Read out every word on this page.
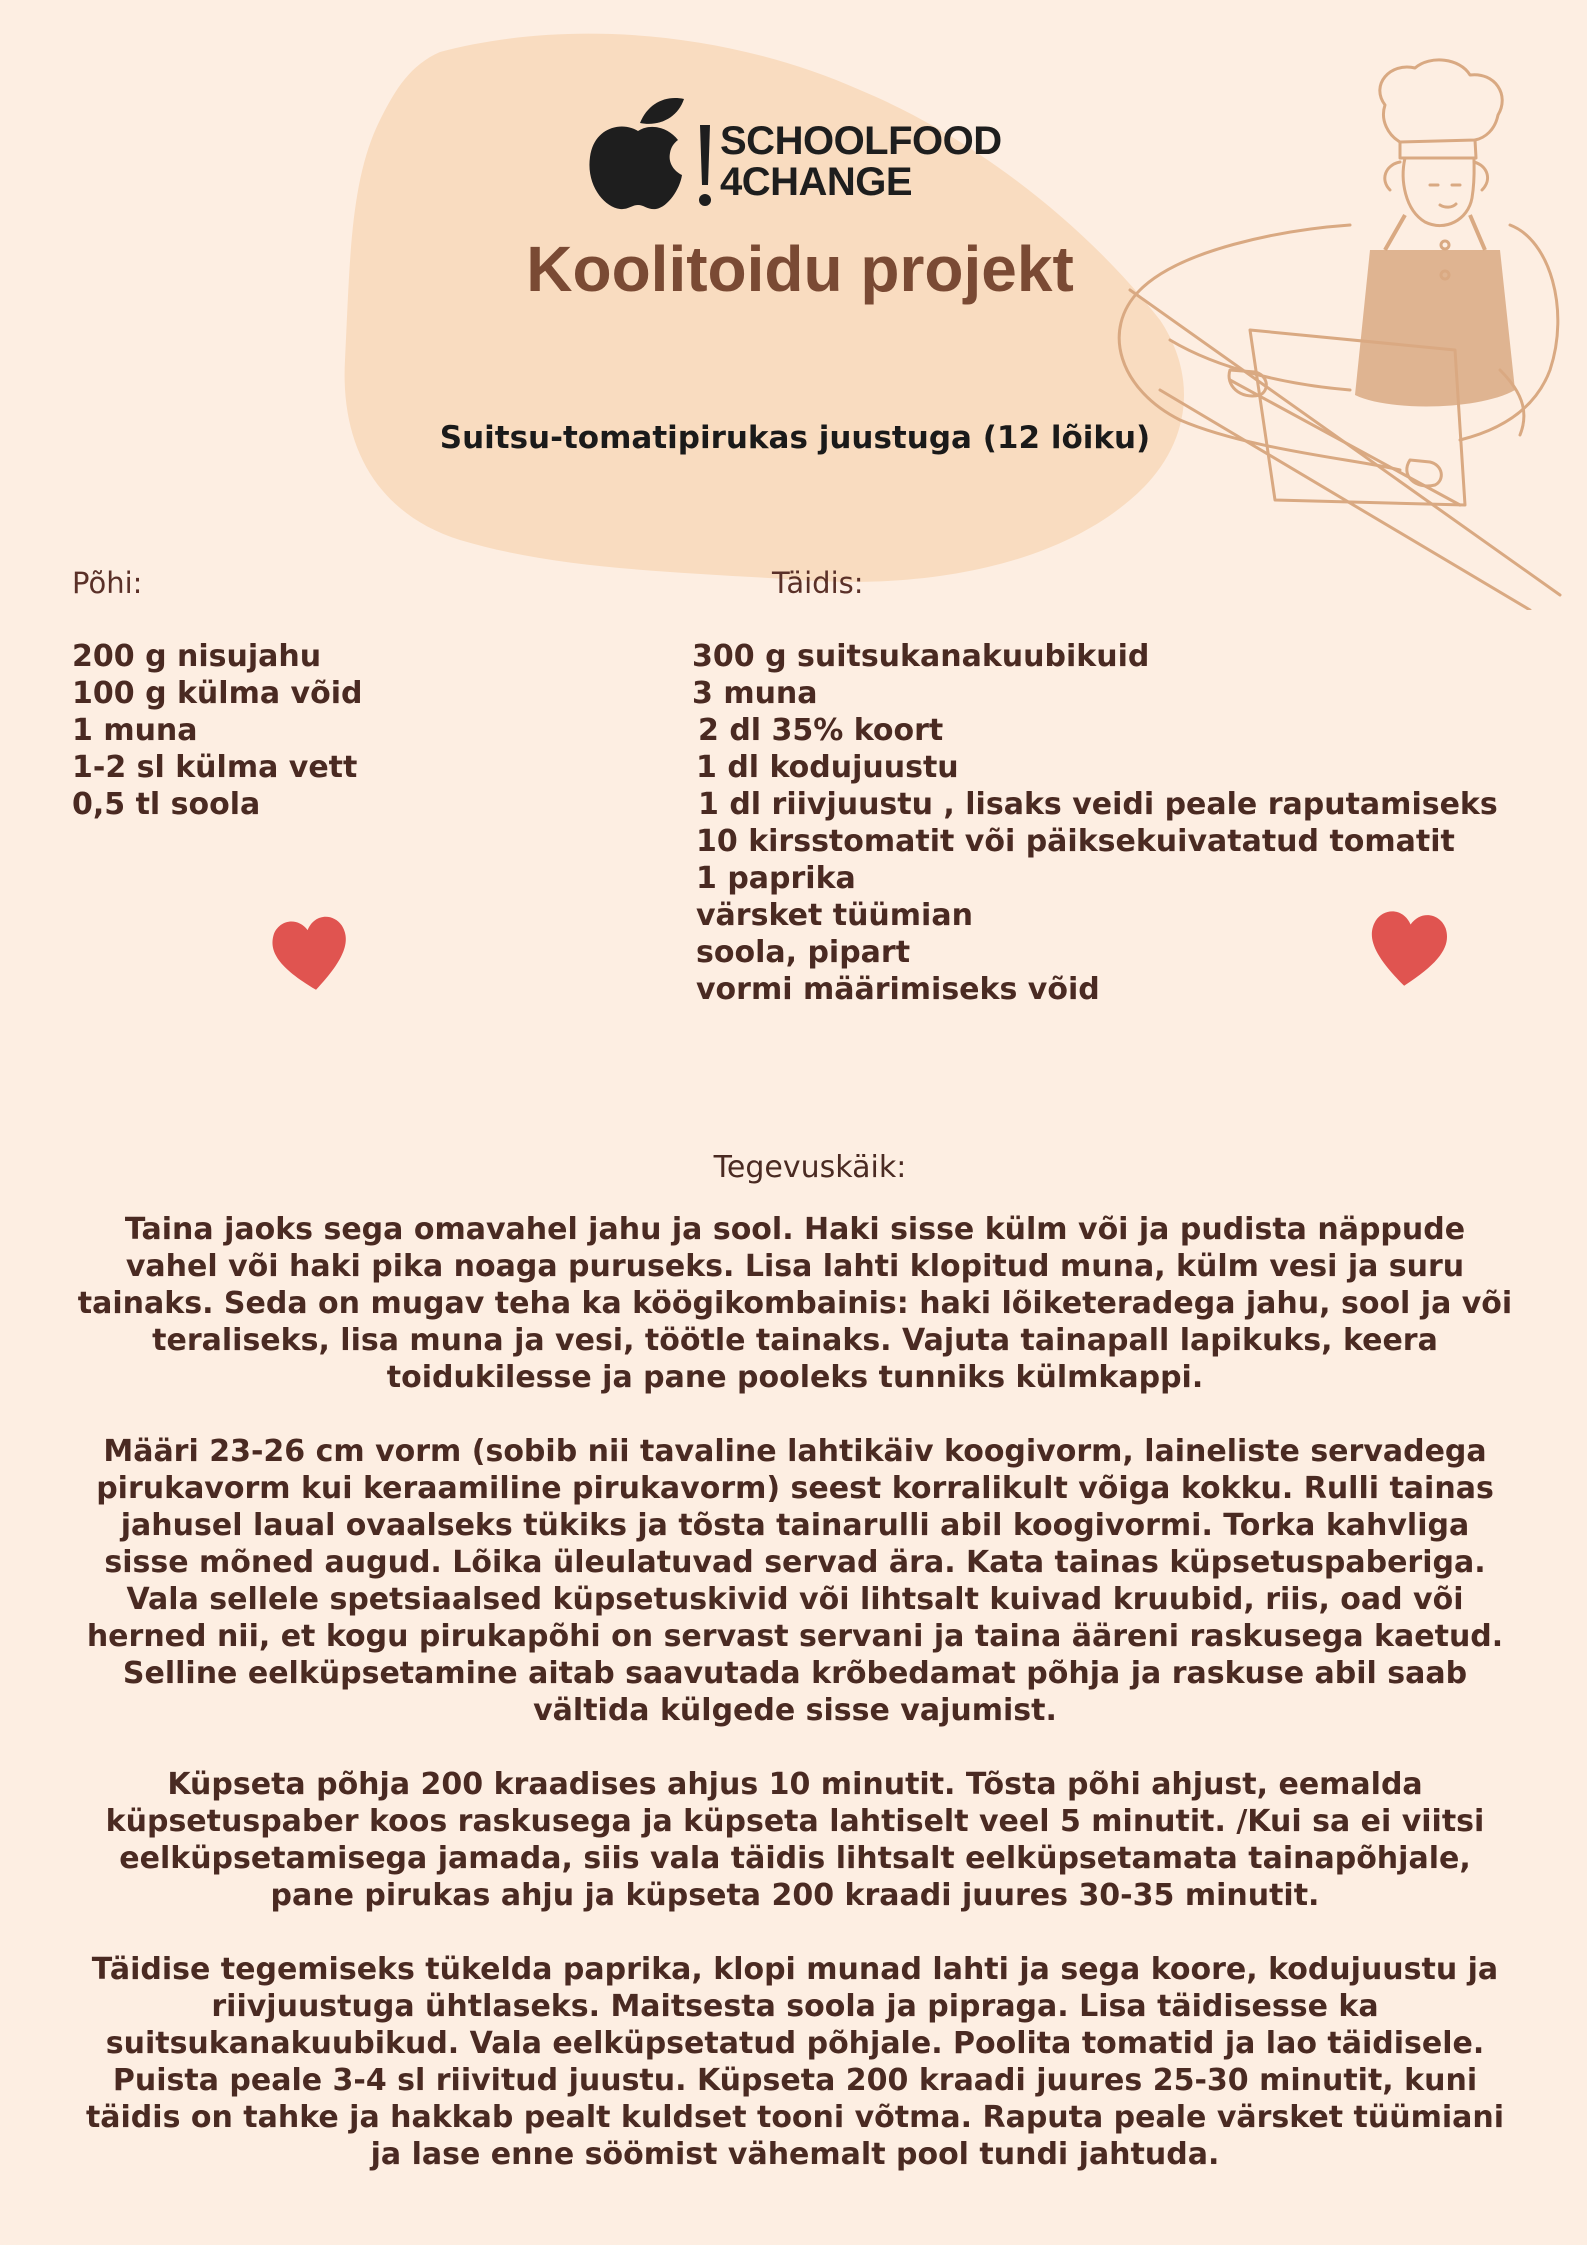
SCHOOLFOOD
4CHANGE
Koolitoidu projekt
Suitsu-tomatipirukas juustuga (12 lõiku)
Põhi:
200 g nisujahu
100 g külma võid
1 muna
1-2 sl külma vett
0,5 tl soola
Täidis:
300 g suitsukanakuubikuid
3 muna
2 dl 35% koort
1 dl kodujuustu
1 dl riivjuustu , lisaks veidi peale raputamiseks
10 kirsstomatit või päiksekuivatatud tomatit
1 paprika
värsket tüümian
soola, pipart
vormi määrimiseks võid
Tegevuskäik:

Taina jaoks sega omavahel jahu ja sool. Haki sisse külm või ja pudista näppude vahel või haki pika noaga puruseks. Lisa lahti klopitud muna, külm vesi ja suru tainaks. Seda on mugav teha ka köögikombainis: haki lõiketeradega jahu, sool ja või teraliseks, lisa muna ja vesi, töötle tainaks. Vajuta tainapall lapikuks, keera toidukilesse ja pane pooleks tunniks külmkappi.

Määri 23-26 cm vorm (sobib nii tavaline lahtikäiv koogivorm, laineliste servadega pirukavorm kui keraamiline pirukavorm) seest korralikult võiga kokku. Rulli tainas jahusel laual ovaalseks tükiks ja tõsta tainarulli abil koogivormi. Torka kahvliga sisse mõned augud. Lõika üleulatuvad servad ära. Kata tainas küpsetuspaberiga. Vala sellele spetsiaalsed küpsetuskivid või lihtsalt kuivad kruubid, riis, oad või herned nii, et kogu pirukapõhi on servast servani ja taina ääreni raskusega kaetud. Selline eelküpsetamine aitab saavutada krõbedamat põhja ja raskuse abil saab vältida külgede sisse vajumist.

Küpseta põhja 200 kraadises ahjus 10 minutit. Tõsta põhi ahjust, eemalda küpsetuspaber koos raskusega ja küpseta lahtiselt veel 5 minutit. /Kui sa ei viitsi eelküpsetamisega jamada, siis vala täidis lihtsalt eelküpsetamata tainapõhjale, pane pirukas ahju ja küpseta 200 kraadi juures 30-35 minutit.

Täidise tegemiseks tükelda paprika, klopi munad lahti ja sega koore, kodujuustu ja riivjuustuga ühtlaseks. Maitsesta soola ja pipraga. Lisa täidisesse ka suitsukanakuubikud. Vala eelküpsetatud põhjale. Poolita tomatid ja lao täidisele. Puista peale 3-4 sl riivitud juustu. Küpseta 200 kraadi juures 25-30 minutit, kuni täidis on tahke ja hakkab pealt kuldset tooni võtma. Raputa peale värsket tüümiani ja lase enne söömist vähemalt pool tundi jahtuda.
